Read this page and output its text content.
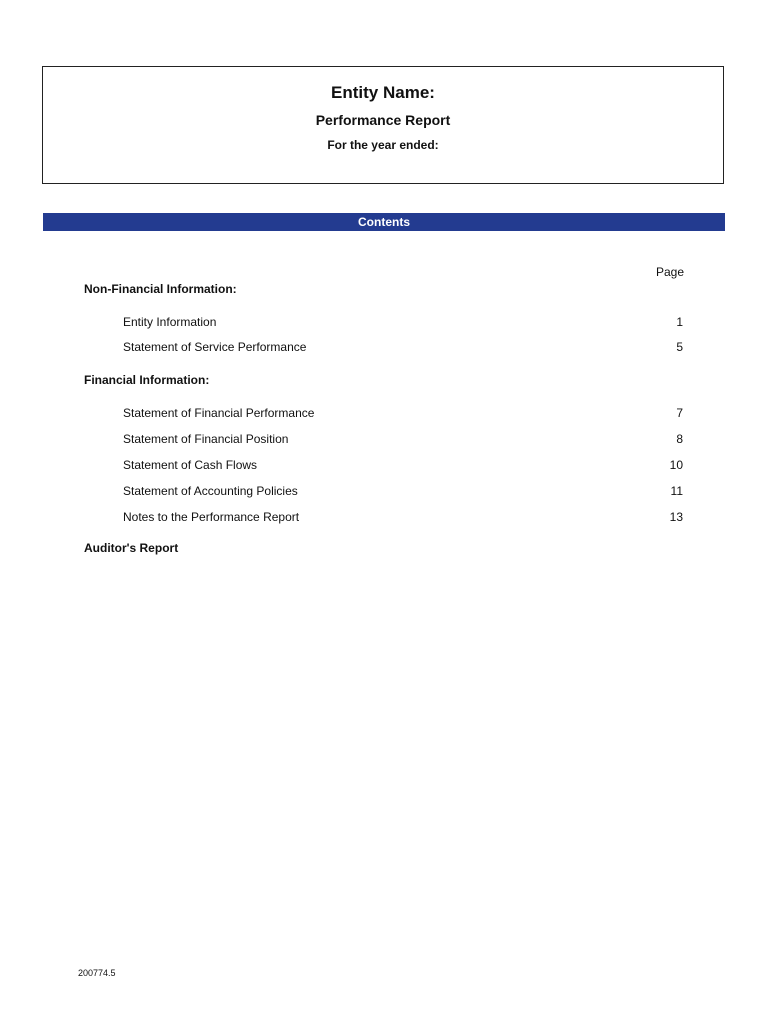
Entity Name:
Performance Report
For the year ended:
Contents
Page
Non-Financial Information:
Entity Information	1
Statement of Service Performance	5
Financial Information:
Statement of Financial Performance	7
Statement of Financial Position	8
Statement of Cash Flows	10
Statement of Accounting Policies	11
Notes to the Performance Report	13
Auditor's Report
200774.5
